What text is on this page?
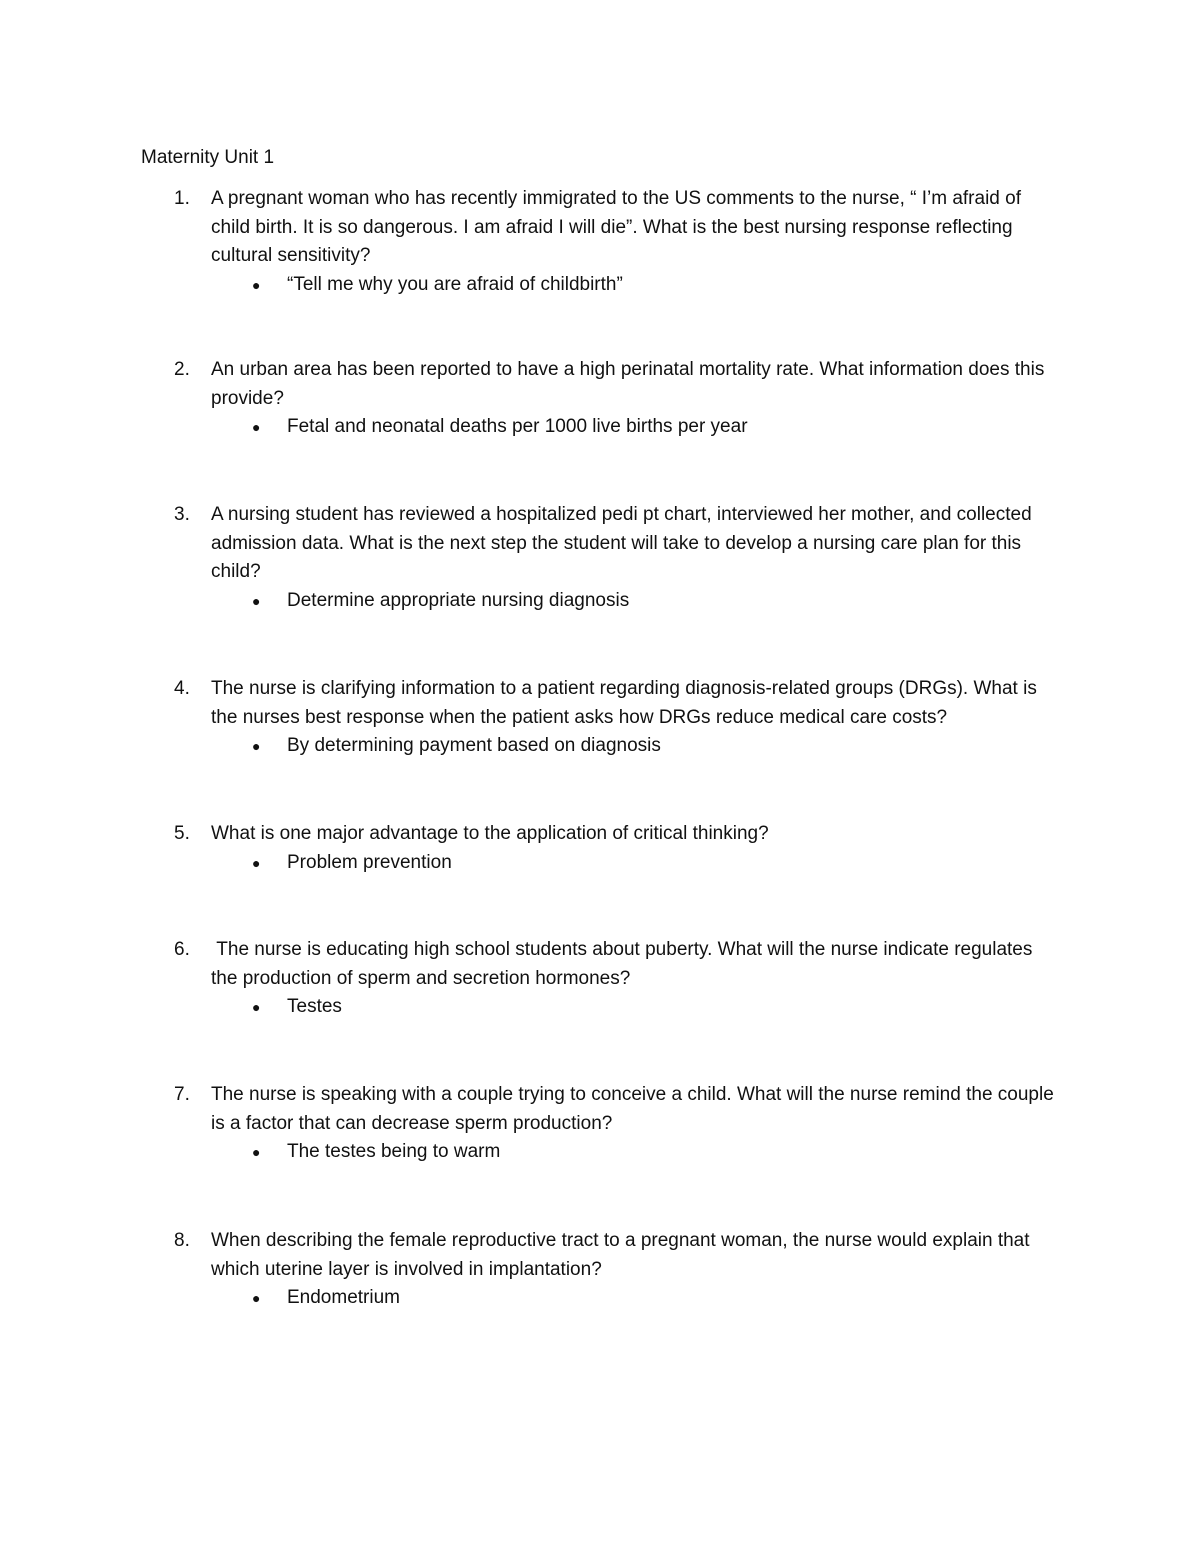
Maternity Unit 1
1. A pregnant woman who has recently immigrated to the US comments to the nurse, “ I’m afraid of child birth. It is so dangerous. I am afraid I will die”. What is the best nursing response reflecting cultural sensitivity?
● “Tell me why you are afraid of childbirth”
2. An urban area has been reported to have a high perinatal mortality rate. What information does this provide?
● Fetal and neonatal deaths per 1000 live births per year
3. A nursing student has reviewed a hospitalized pedi pt chart, interviewed her mother, and collected admission data. What is the next step the student will take to develop a nursing care plan for this child?
● Determine appropriate nursing diagnosis
4. The nurse is clarifying information to a patient regarding diagnosis-related groups (DRGs). What is the nurses best response when the patient asks how DRGs reduce medical care costs?
● By determining payment based on diagnosis
5. What is one major advantage to the application of critical thinking?
● Problem prevention
6. The nurse is educating high school students about puberty. What will the nurse indicate regulates the production of sperm and secretion hormones?
● Testes
7. The nurse is speaking with a couple trying to conceive a child. What will the nurse remind the couple is a factor that can decrease sperm production?
● The testes being to warm
8. When describing the female reproductive tract to a pregnant woman, the nurse would explain that which uterine layer is involved in implantation?
● Endometrium
